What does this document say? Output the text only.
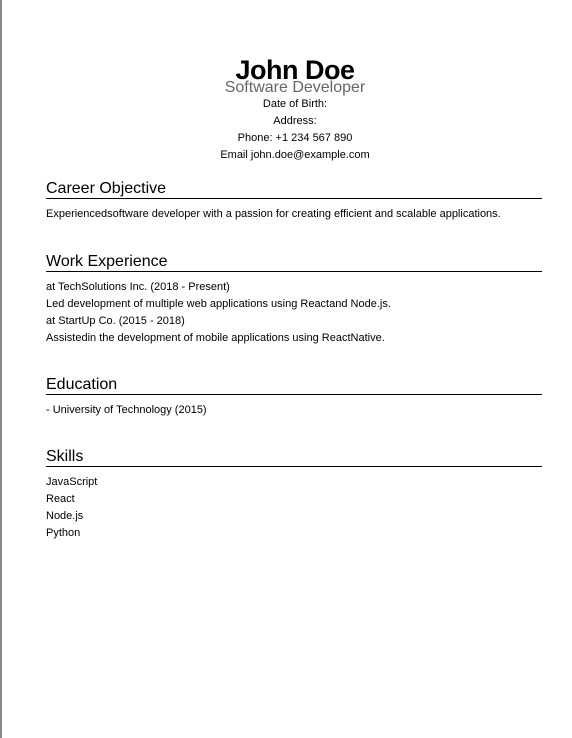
John Doe
Software Developer
Date of Birth:
Address:
Phone: +1 234 567 890
Email john.doe@example.com
Career Objective
Experiencedsoftware developer with a passion for creating efficient and scalable applications.
Work Experience
at TechSolutions Inc. (2018 - Present)
Led development of multiple web applications using Reactand Node.js.
at StartUp Co. (2015 - 2018)
Assistedin the development of mobile applications using ReactNative.
Education
- University of Technology (2015)
Skills
JavaScript
React
Node.js
Python
